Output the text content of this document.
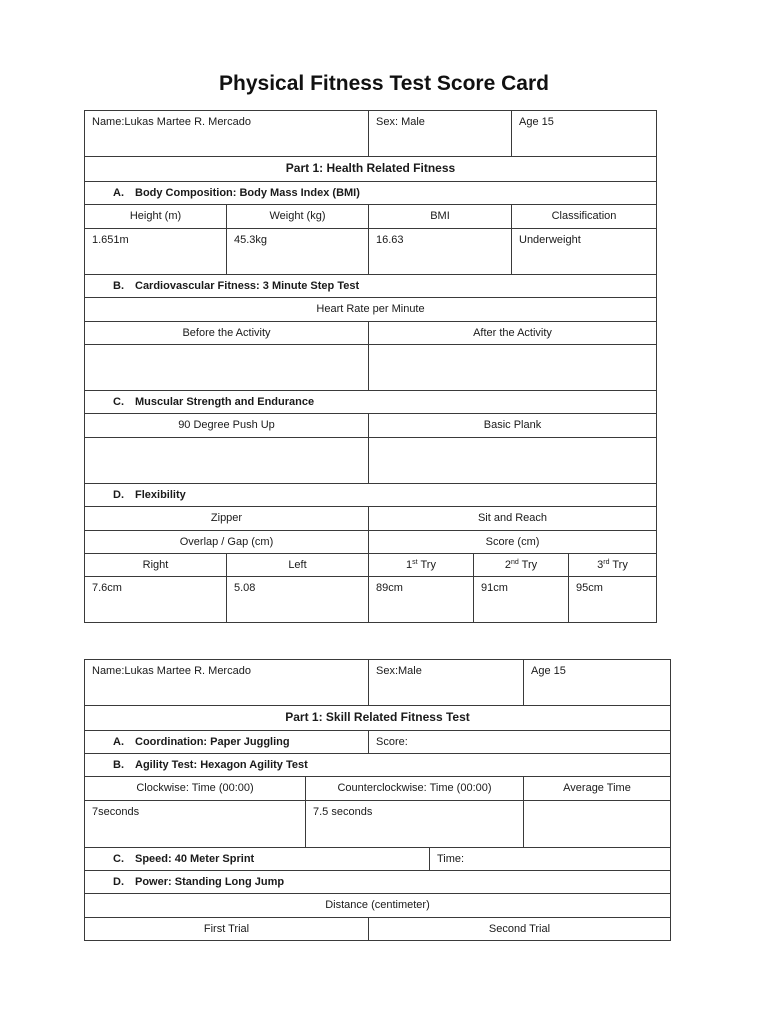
Physical Fitness Test Score Card
Name:Lukas Martee R. Mercado	Sex: Male	Age 15
Part 1: Health Related Fitness
A. Body Composition: Body Mass Index (BMI)
Height (m)	Weight (kg)	BMI	Classification
1.651m	45.3kg	16.63	Underweight
B. Cardiovascular Fitness: 3 Minute Step Test
Heart Rate per Minute
Before the Activity	After the Activity
C. Muscular Strength and Endurance
90 Degree Push Up	Basic Plank
D. Flexibility
Zipper	Sit and Reach
Overlap / Gap (cm)	Score (cm)
Right	Left	1st Try	2nd Try	3rd Try
7.6cm	5.08	89cm	91cm	95cm
Name:Lukas Martee R. Mercado	Sex:Male	Age 15
Part 1: Skill Related Fitness Test
A. Coordination: Paper Juggling	Score:
B. Agility Test: Hexagon Agility Test
Clockwise: Time (00:00)	Counterclockwise: Time (00:00)	Average Time
7seconds	7.5 seconds
C. Speed: 40 Meter Sprint	Time:
D. Power: Standing Long Jump
Distance (centimeter)
First Trial	Second Trial
